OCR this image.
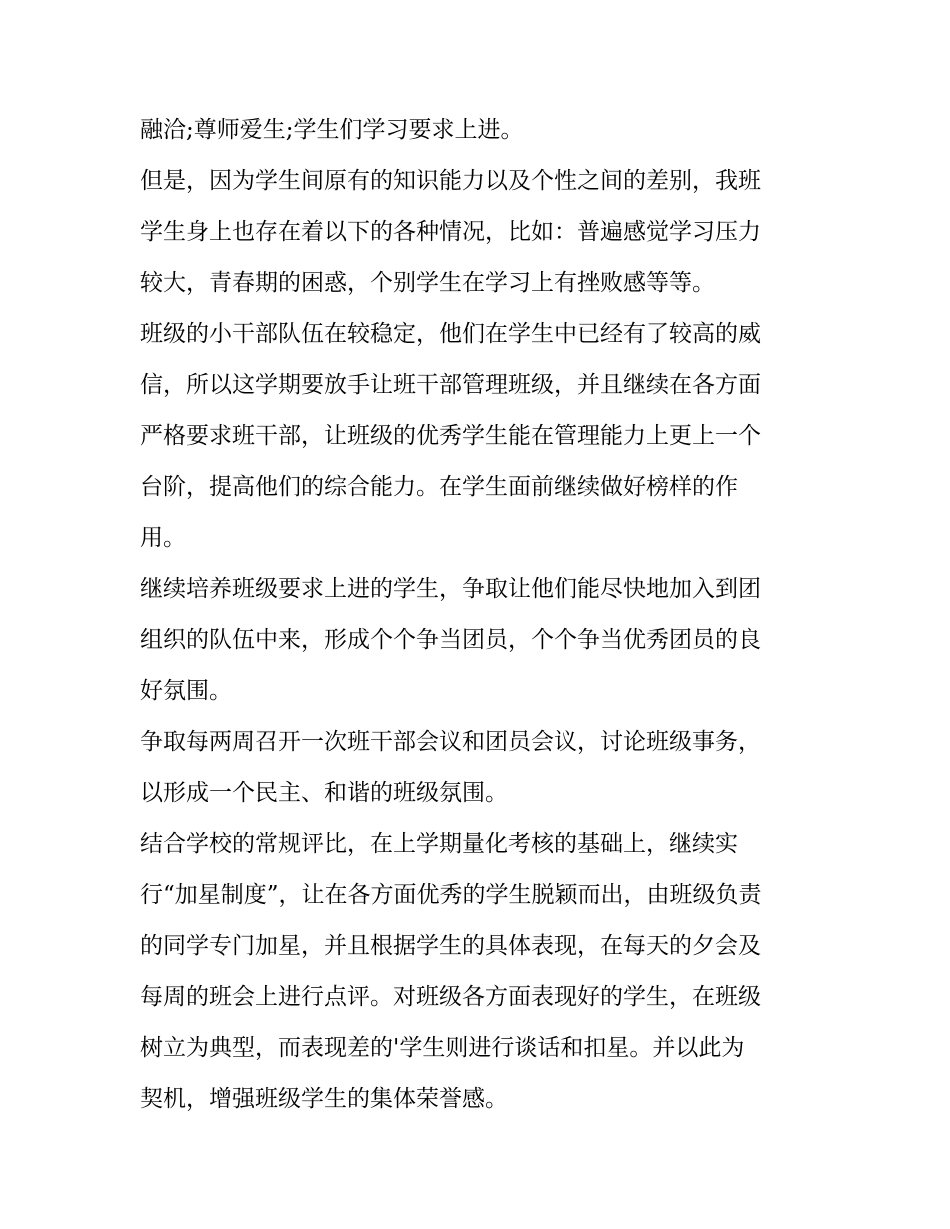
融洽;尊师爱生;学生们学习要求上进。
但是，因为学生间原有的知识能力以及个性之间的差别，我班
学生身上也存在着以下的各种情况，比如：普遍感觉学习压力
较大，青春期的困惑，个别学生在学习上有挫败感等等。
班级的小干部队伍在较稳定，他们在学生中已经有了较高的威
信，所以这学期要放手让班干部管理班级，并且继续在各方面
严格要求班干部，让班级的优秀学生能在管理能力上更上一个
台阶，提高他们的综合能力。在学生面前继续做好榜样的作
用。
继续培养班级要求上进的学生，争取让他们能尽快地加入到团
组织的队伍中来，形成个个争当团员，个个争当优秀团员的良
好氛围。
争取每两周召开一次班干部会议和团员会议，讨论班级事务，
以形成一个民主、和谐的班级氛围。
结合学校的常规评比，在上学期量化考核的基础上，继续实
行“加星制度”，让在各方面优秀的学生脱颖而出，由班级负责
的同学专门加星，并且根据学生的具体表现，在每天的夕会及
每周的班会上进行点评。对班级各方面表现好的学生，在班级
树立为典型，而表现差的'学生则进行谈话和扣星。并以此为
契机，增强班级学生的集体荣誉感。
